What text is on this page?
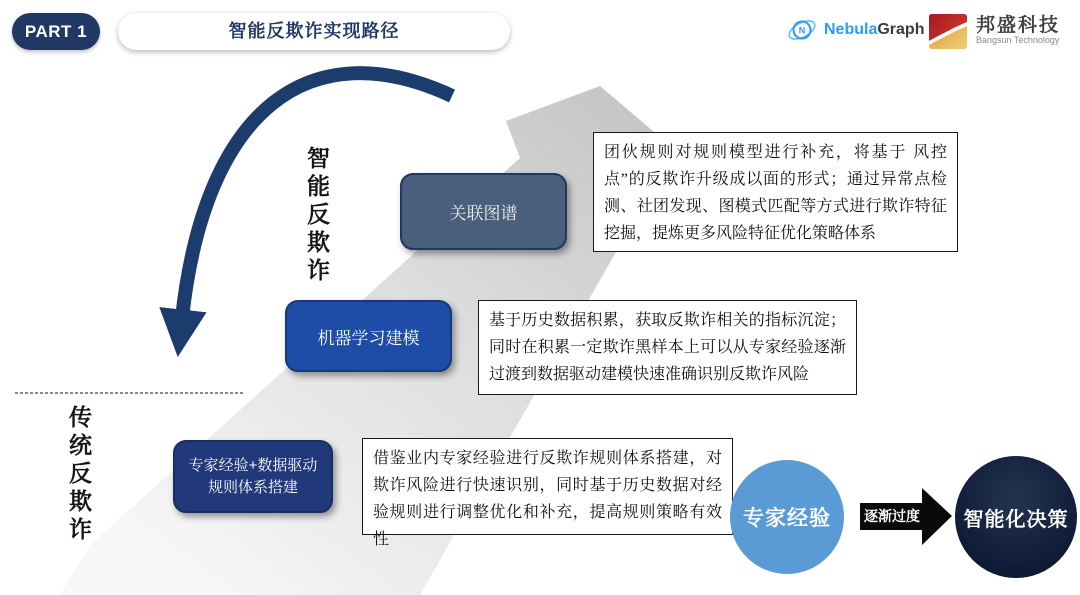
PART 1	智能反欺诈实现路径	N NebulaGraph	邦盛科技
Bangsun Technology
智能反欺诈
传统反欺诈
关联图谱
机器学习建模
专家经验+数据驱动规则体系搭建
团伙规则对规则模型进行补充，将基于 风控点”的反欺诈升级成以面的形式；通过异常点检测、社团发现、图模式匹配等方式进行欺诈特征挖掘，提炼更多风险特征优化策略体系
基于历史数据积累，获取反欺诈相关的指标沉淀；同时在积累一定欺诈黑样本上可以从专家经验逐渐过渡到数据驱动建模快速准确识别反欺诈风险
借鉴业内专家经验进行反欺诈规则体系搭建，对欺诈风险进行快速识别，同时基于历史数据对经验规则进行调整优化和补充，提高规则策略有效性
专家经验	逐渐过度	智能化决策
